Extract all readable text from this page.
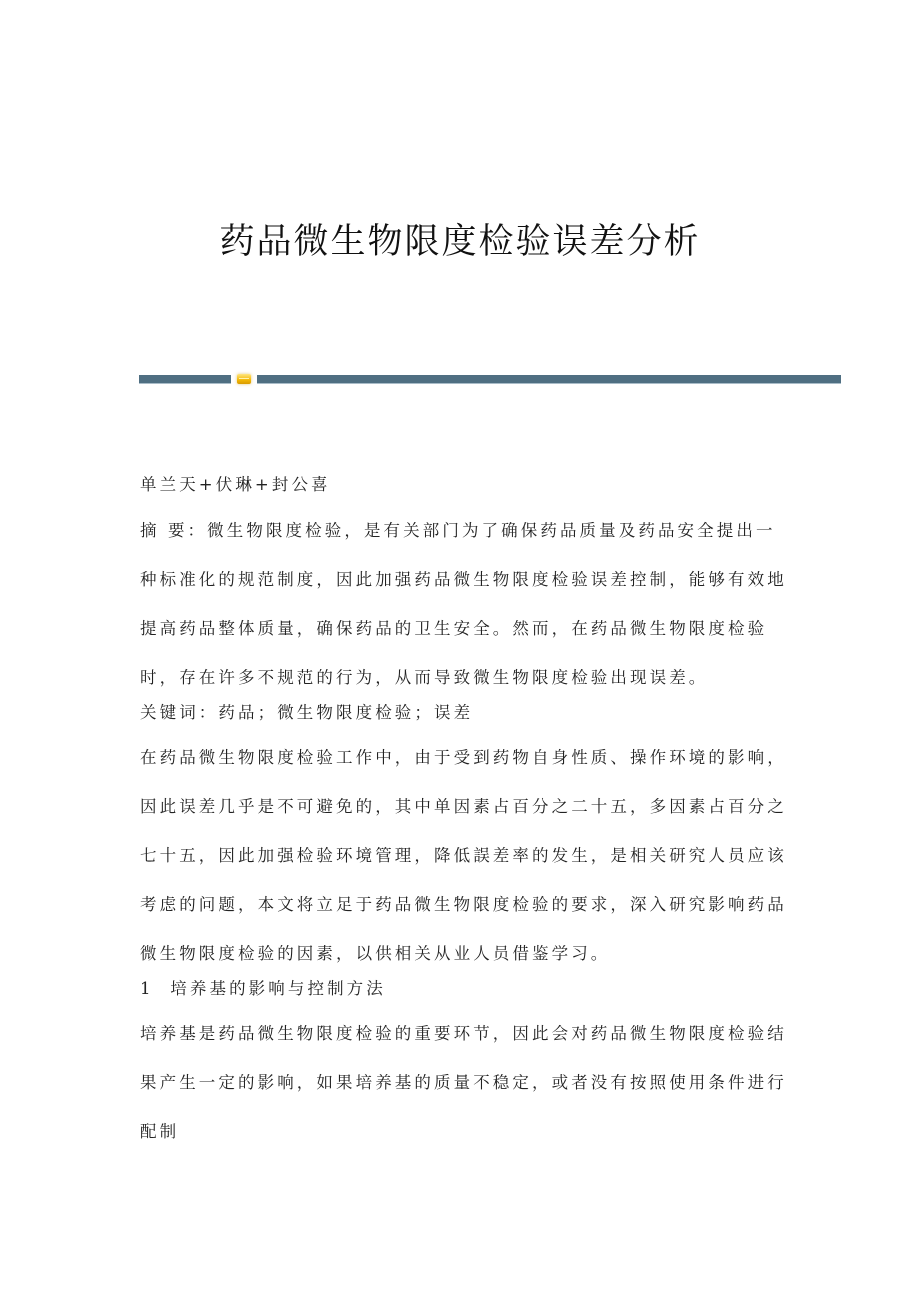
药品微生物限度检验误差分析

单兰天+伏琳+封公喜

摘 要：微生物限度检验，是有关部门为了确保药品质量及药品安全提出一种标准化的规范制度，因此加强药品微生物限度检验误差控制，能够有效地提高药品整体质量，确保药品的卫生安全。然而，在药品微生物限度检验时，存在许多不规范的行为，从而导致微生物限度检验出现误差。

关键词：药品；微生物限度检验；误差

在药品微生物限度检验工作中，由于受到药物自身性质、操作环境的影响，因此误差几乎是不可避免的，其中单因素占百分之二十五，多因素占百分之七十五，因此加强检验环境管理，降低誤差率的发生，是相关研究人员应该考虑的问题，本文将立足于药品微生物限度检验的要求，深入研究影响药品微生物限度检验的因素，以供相关从业人员借鉴学习。

1  培养基的影响与控制方法

培养基是药品微生物限度检验的重要环节，因此会对药品微生物限度检验结果产生一定的影响，如果培养基的质量不稳定，或者没有按照使用条件进行配制
